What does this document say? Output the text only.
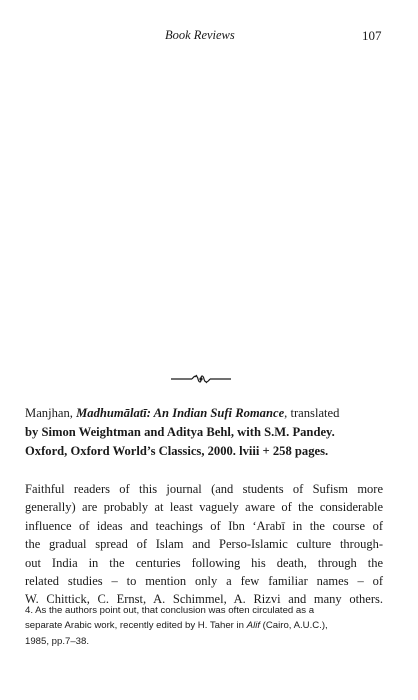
Book Reviews	107
Manjhan, Madhumālatī: An Indian Sufi Romance, translated
by Simon Weightman and Aditya Behl, with S.M. Pandey.
Oxford, Oxford World’s Classics, 2000. lviii + 258 pages.
Faithful readers of this journal (and students of Sufism more
generally) are probably at least vaguely aware of the considerable
influence of ideas and teachings of Ibn ‘Arabī in the course of
the gradual spread of Islam and Perso-Islamic culture through-
out India in the centuries following his death, through the
related studies – to mention only a few familiar names – of
W. Chittick, C. Ernst, A. Schimmel, A. Rizvi and many others.
4. As the authors point out, that conclusion was often circulated as a
separate Arabic work, recently edited by H. Taher in Alif (Cairo, A.U.C.),
1985, pp.7–38.
